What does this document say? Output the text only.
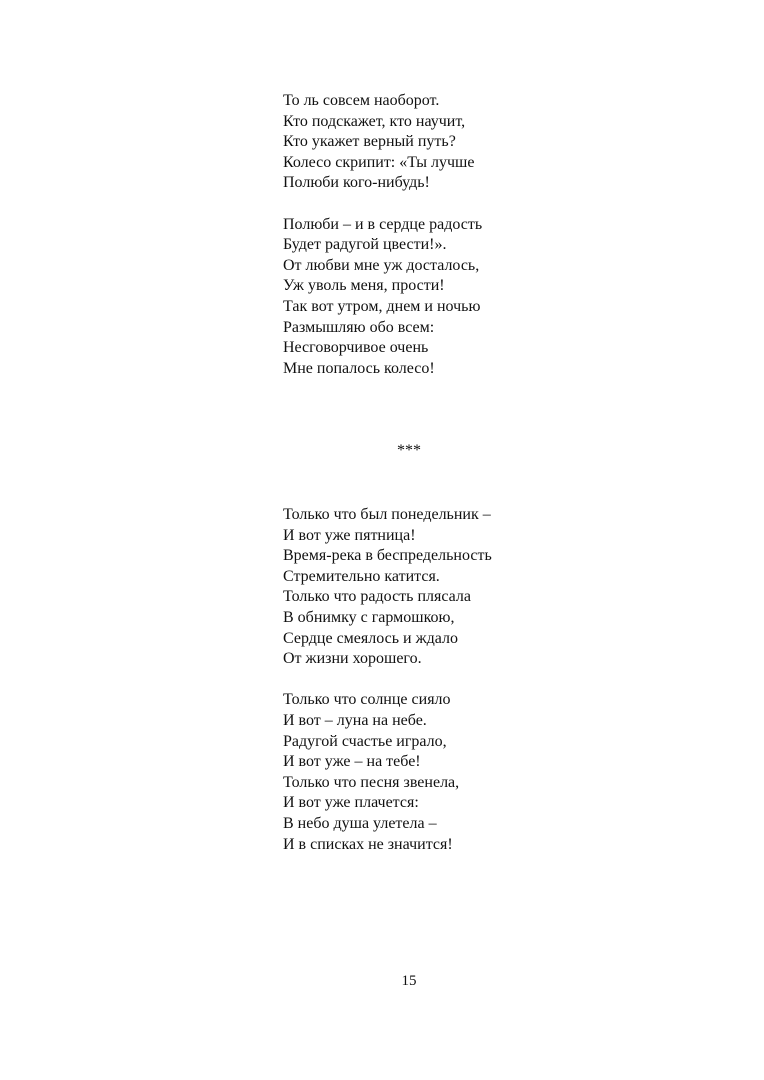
То ль совсем наоборот.
Кто подскажет, кто научит,
Кто укажет верный путь?
Колесо скрипит: «Ты лучше
Полюби кого-нибудь!
Полюби – и в сердце радость
Будет радугой цвести!».
От любви мне уж досталось,
Уж уволь меня, прости!
Так вот утром, днем и ночью
Размышляю обо всем:
Несговорчивое очень
Мне попалось колесо!
***
Только что был понедельник –
И вот уже пятница!
Время-река в беспредельность
Стремительно катится.
Только что радость плясала
В обнимку с гармошкою,
Сердце смеялось и ждало
От жизни хорошего.
Только что солнце сияло
И вот – луна на небе.
Радугой счастье играло,
И вот уже – на тебе!
Только что песня звенела,
И вот уже плачется:
В небо душа улетела –
И в списках не значится!
15
